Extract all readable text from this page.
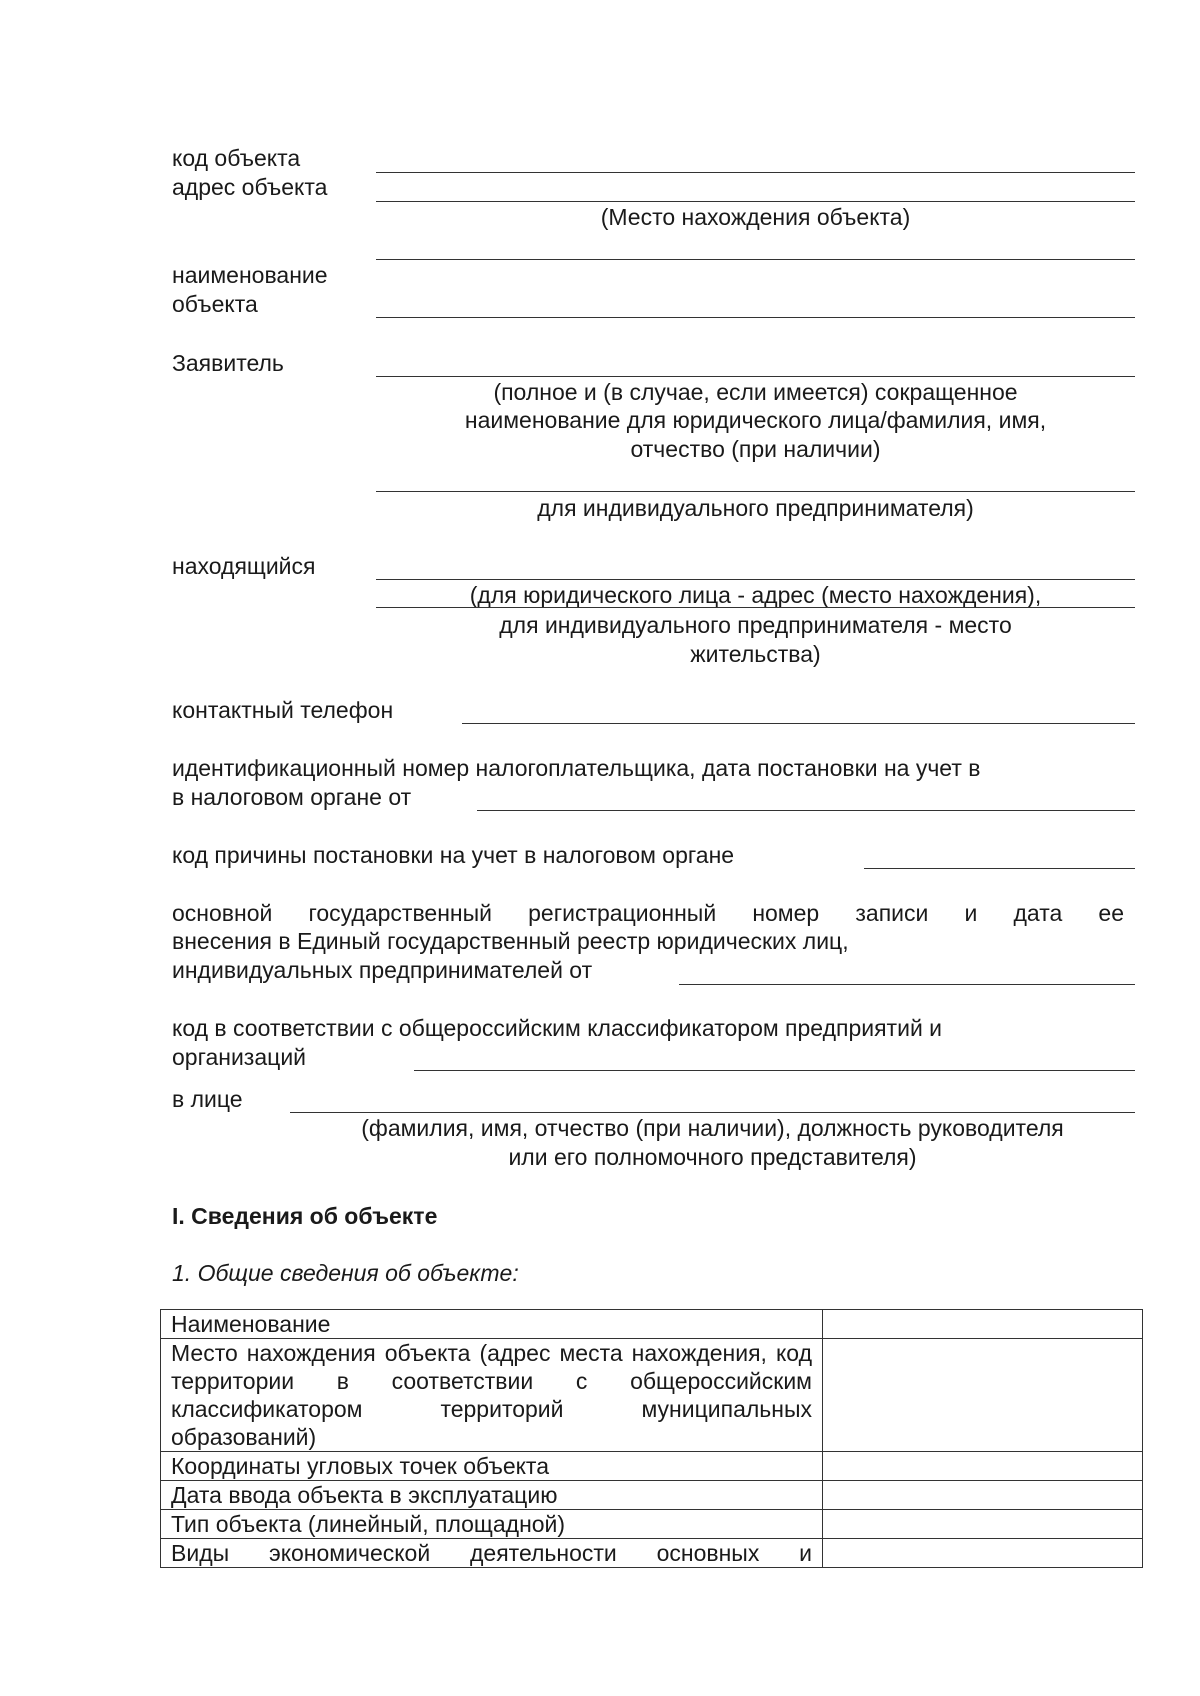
код объекта
адрес объекта
(Место нахождения объекта)
наименование
объекта
Заявитель
(полное и (в случае, если имеется) сокращенное
наименование для юридического лица/фамилия, имя,
отчество (при наличии)
для индивидуального предпринимателя)
находящийся
(для юридического лица - адрес (место нахождения),
для индивидуального предпринимателя - место
жительства)
контактный телефон
идентификационный номер налогоплательщика, дата постановки на учет в
в налоговом органе от
код причины постановки на учет в налоговом органе
основной государственный регистрационный номер записи и дата ее
внесения в Единый государственный реестр юридических лиц,
индивидуальных предпринимателей от
код в соответствии с общероссийским классификатором предприятий и
организаций
в лице
(фамилия, имя, отчество (при наличии), должность руководителя
или его полномочного представителя)
I. Сведения об объекте
1. Общие сведения об объекте:
Наименование	
Место нахождения объекта (адрес места нахождения, код территории в соответствии с общероссийским классификатором территорий муниципальных образований)	
Координаты угловых точек объекта	
Дата ввода объекта в эксплуатацию	
Тип объекта (линейный, площадной)	
Виды экономической деятельности основных и	
